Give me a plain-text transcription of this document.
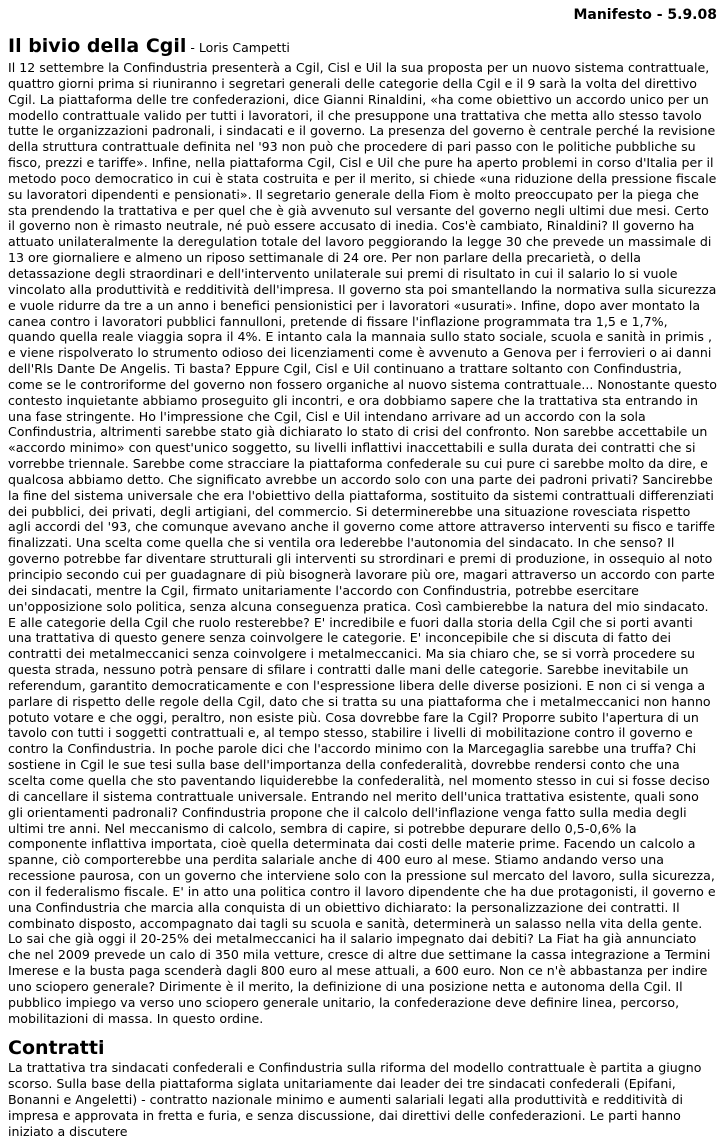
Manifesto - 5.9.08
Il bivio della Cgil - Loris Campetti

Il 12 settembre la Confindustria presenterà a Cgil, Cisl e Uil la sua proposta per un nuovo sistema contrattuale, quattro giorni prima si riuniranno i segretari generali delle categorie della Cgil e il 9 sarà la volta del direttivo Cgil. La piattaforma delle tre confederazioni, dice Gianni Rinaldini, «ha come obiettivo un accordo unico per un modello contrattuale valido per tutti i lavoratori, il che presuppone una trattativa che metta allo stesso tavolo tutte le organizzazioni padronali, i sindacati e il governo. La presenza del governo è centrale perché la revisione della struttura contrattuale definita nel '93 non può che procedere di pari passo con le politiche pubbliche su fisco, prezzi e tariffe». Infine, nella piattaforma Cgil, Cisl e Uil che pure ha aperto problemi in corso d'Italia per il metodo poco democratico in cui è stata costruita e per il merito, si chiede «una riduzione della pressione fiscale su lavoratori dipendenti e pensionati». Il segretario generale della Fiom è molto preoccupato per la piega che sta prendendo la trattativa e per quel che è già avvenuto sul versante del governo negli ultimi due mesi. Certo il governo non è rimasto neutrale, né può essere accusato di inedia. Cos'è cambiato, Rinaldini? Il governo ha attuato unilateralmente la deregulation totale del lavoro peggiorando la legge 30 che prevede un massimale di 13 ore giornaliere e almeno un riposo settimanale di 24 ore. Per non parlare della precarietà, o della detassazione degli straordinari e dell'intervento unilaterale sui premi di risultato in cui il salario lo si vuole vincolato alla produttività e redditività dell'impresa. Il governo sta poi smantellando la normativa sulla sicurezza e vuole ridurre da tre a un anno i benefici pensionistici per i lavoratori «usurati». Infine, dopo aver montato la canea contro i lavoratori pubblici fannulloni, pretende di fissare l'inflazione programmata tra 1,5 e 1,7%, quando quella reale viaggia sopra il 4%. E intanto cala la mannaia sullo stato sociale, scuola e sanità in primis , e viene rispolverato lo strumento odioso dei licenziamenti come è avvenuto a Genova per i ferrovieri o ai danni dell'Rls Dante De Angelis. Ti basta? Eppure Cgil, Cisl e Uil continuano a trattare soltanto con Confindustria, come se le controriforme del governo non fossero organiche al nuovo sistema contrattuale... Nonostante questo contesto inquietante abbiamo proseguito gli incontri, e ora dobbiamo sapere che la trattativa sta entrando in una fase stringente. Ho l'impressione che Cgil, Cisl e Uil intendano arrivare ad un accordo con la sola Confindustria, altrimenti sarebbe stato già dichiarato lo stato di crisi del confronto. Non sarebbe accettabile un «accordo minimo» con quest'unico soggetto, su livelli inflattivi inaccettabili e sulla durata dei contratti che si vorrebbe triennale. Sarebbe come stracciare la piattaforma confederale su cui pure ci sarebbe molto da dire, e qualcosa abbiamo detto. Che significato avrebbe un accordo solo con una parte dei padroni privati? Sancirebbe la fine del sistema universale che era l'obiettivo della piattaforma, sostituito da sistemi contrattuali differenziati dei pubblici, dei privati, degli artigiani, del commercio. Si determinerebbe una situazione rovesciata rispetto agli accordi del '93, che comunque avevano anche il governo come attore attraverso interventi su fisco e tariffe finalizzati. Una scelta come quella che si ventila ora lederebbe l'autonomia del sindacato. In che senso? Il governo potrebbe far diventare strutturali gli interventi su strordinari e premi di produzione, in ossequio al noto principio secondo cui per guadagnare di più bisognerà lavorare più ore, magari attraverso un accordo con parte dei sindacati, mentre la Cgil, firmato unitariamente l'accordo con Confindustria, potrebbe esercitare un'opposizione solo politica, senza alcuna conseguenza pratica. Così cambierebbe la natura del mio sindacato. E alle categorie della Cgil che ruolo resterebbe? E' incredibile e fuori dalla storia della Cgil che si porti avanti una trattativa di questo genere senza coinvolgere le categorie. E' inconcepibile che si discuta di fatto dei contratti dei metalmeccanici senza coinvolgere i metalmeccanici. Ma sia chiaro che, se si vorrà procedere su questa strada, nessuno potrà pensare di sfilare i contratti dalle mani delle categorie. Sarebbe inevitabile un referendum, garantito democraticamente e con l'espressione libera delle diverse posizioni. E non ci si venga a parlare di rispetto delle regole della Cgil, dato che si tratta su una piattaforma che i metalmeccanici non hanno potuto votare e che oggi, peraltro, non esiste più. Cosa dovrebbe fare la Cgil? Proporre subito l'apertura di un tavolo con tutti i soggetti contrattuali e, al tempo stesso, stabilire i livelli di mobilitazione contro il governo e contro la Confindustria. In poche parole dici che l'accordo minimo con la Marcegaglia sarebbe una truffa? Chi sostiene in Cgil le sue tesi sulla base dell'importanza della confederalità, dovrebbe rendersi conto che una scelta come quella che sto paventando liquiderebbe la confederalità, nel momento stesso in cui si fosse deciso di cancellare il sistema contrattuale universale. Entrando nel merito dell'unica trattativa esistente, quali sono gli orientamenti padronali? Confindustria propone che il calcolo dell'inflazione venga fatto sulla media degli ultimi tre anni. Nel meccanismo di calcolo, sembra di capire, si potrebbe depurare dello 0,5-0,6% la componente inflattiva importata, cioè quella determinata dai costi delle materie prime. Facendo un calcolo a spanne, ciò comporterebbe una perdita salariale anche di 400 euro al mese. Stiamo andando verso una recessione paurosa, con un governo che interviene solo con la pressione sul mercato del lavoro, sulla sicurezza, con il federalismo fiscale. E' in atto una politica contro il lavoro dipendente che ha due protagonisti, il governo e una Confindustria che marcia alla conquista di un obiettivo dichiarato: la personalizzazione dei contratti. Il combinato disposto, accompagnato dai tagli su scuola e sanità, determinerà un salasso nella vita della gente. Lo sai che già oggi il 20-25% dei metalmeccanici ha il salario impegnato dai debiti? La Fiat ha già annunciato che nel 2009 prevede un calo di 350 mila vetture, cresce di altre due settimane la cassa integrazione a Termini Imerese e la busta paga scenderà dagli 800 euro al mese attuali, a 600 euro. Non ce n'è abbastanza per indire uno sciopero generale? Dirimente è il merito, la definizione di una posizione netta e autonoma della Cgil. Il pubblico impiego va verso uno sciopero generale unitario, la confederazione deve definire linea, percorso, mobilitazioni di massa. In questo ordine.

Contratti

La trattativa tra sindacati confederali e Confindustria sulla riforma del modello contrattuale è partita a giugno scorso. Sulla base della piattaforma siglata unitariamente dai leader dei tre sindacati confederali (Epifani, Bonanni e Angeletti) - contratto nazionale minimo e aumenti salariali legati alla produttività e redditività di impresa e approvata in fretta e furia, e senza discussione, dai direttivi delle confederazioni. Le parti hanno iniziato a discutere
